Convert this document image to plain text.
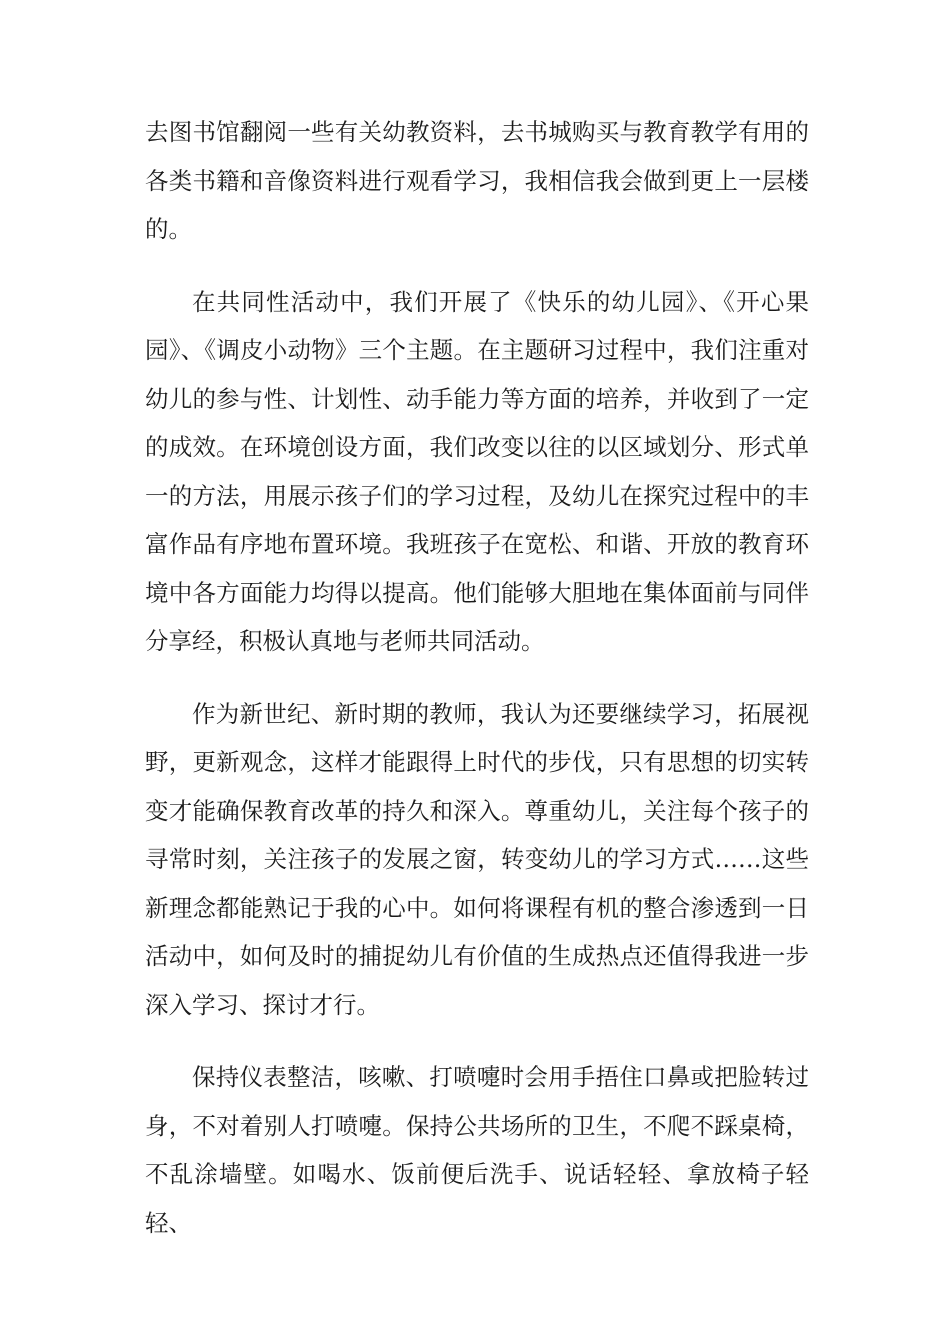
去图书馆翻阅一些有关幼教资料，去书城购买与教育教学有用的各类书籍和音像资料进行观看学习，我相信我会做到更上一层楼的。

在共同性活动中，我们开展了《快乐的幼儿园》、《开心果园》、《调皮小动物》三个主题。在主题研习过程中，我们注重对幼儿的参与性、计划性、动手能力等方面的培养，并收到了一定的成效。在环境创设方面，我们改变以往的以区域划分、形式单一的方法，用展示孩子们的学习过程，及幼儿在探究过程中的丰富作品有序地布置环境。我班孩子在宽松、和谐、开放的教育环境中各方面能力均得以提高。他们能够大胆地在集体面前与同伴分享经，积极认真地与老师共同活动。

作为新世纪、新时期的教师，我认为还要继续学习，拓展视野，更新观念，这样才能跟得上时代的步伐，只有思想的切实转变才能确保教育改革的持久和深入。尊重幼儿，关注每个孩子的寻常时刻，关注孩子的发展之窗，转变幼儿的学习方式……这些新理念都能熟记于我的心中。如何将课程有机的整合渗透到一日活动中，如何及时的捕捉幼儿有价值的生成热点还值得我进一步深入学习、探讨才行。

保持仪表整洁，咳嗽、打喷嚏时会用手捂住口鼻或把脸转过身，不对着别人打喷嚏。保持公共场所的卫生，不爬不踩桌椅，不乱涂墙壁。如喝水、饭前便后洗手、说话轻轻、拿放椅子轻轻、
